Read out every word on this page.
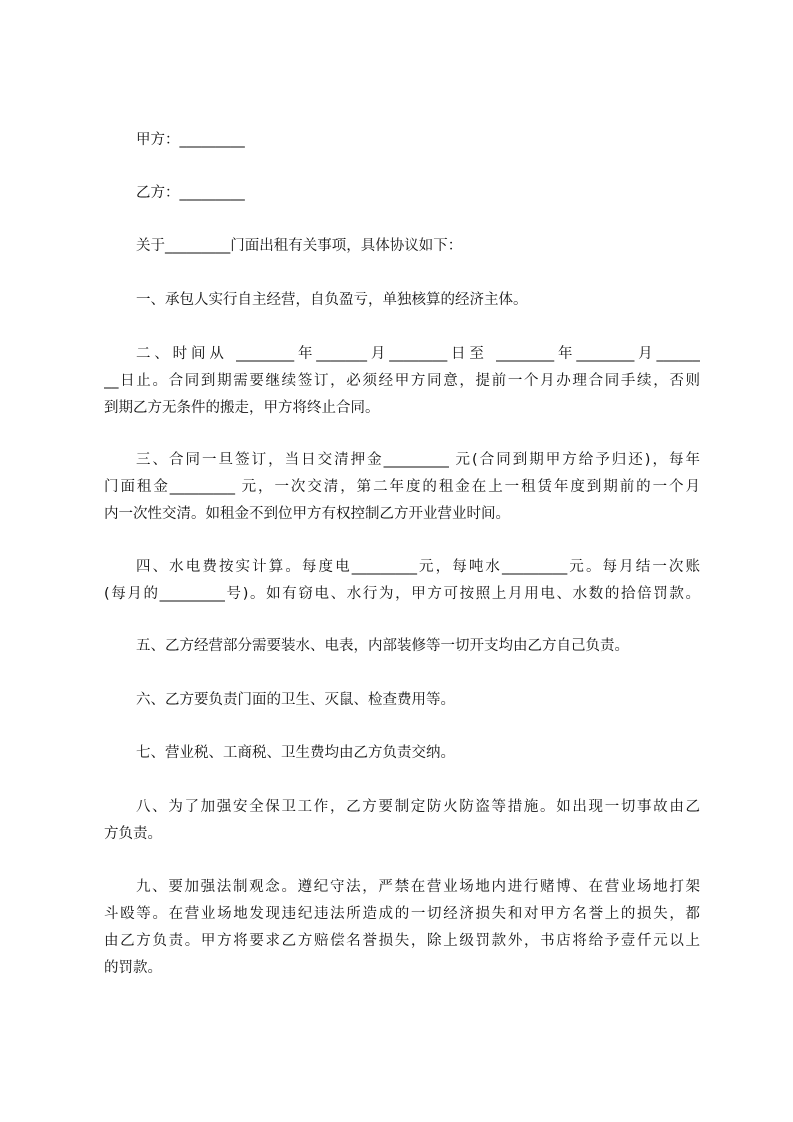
甲方：_________
乙方：_________
关于_________门面出租有关事项，具体协议如下：
一、承包人实行自主经营，自负盈亏，单独核算的经济主体。
二、时间从 ________年_______月________日至 ________年________月______
__日止。合同到期需要继续签订，必须经甲方同意，提前一个月办理合同手续，否则
到期乙方无条件的搬走，甲方将终止合同。
三、合同一旦签订，当日交清押金_________ 元(合同到期甲方给予归还)，每年
门面租金_________ 元，一次交清，第二年度的租金在上一租赁年度到期前的一个月
内一次性交清。如租金不到位甲方有权控制乙方开业营业时间。
四、水电费按实计算。每度电_________元，每吨水_________元。每月结一次账
(每月的_________号)。如有窃电、水行为，甲方可按照上月用电、水数的拾倍罚款。
五、乙方经营部分需要装水、电表，内部装修等一切开支均由乙方自己负责。
六、乙方要负责门面的卫生、灭鼠、检查费用等。
七、营业税、工商税、卫生费均由乙方负责交纳。
八、为了加强安全保卫工作，乙方要制定防火防盗等措施。如出现一切事故由乙
方负责。
九、要加强法制观念。遵纪守法，严禁在营业场地内进行赌博、在营业场地打架
斗殴等。在营业场地发现违纪违法所造成的一切经济损失和对甲方名誉上的损失，都
由乙方负责。甲方将要求乙方赔偿名誉损失，除上级罚款外，书店将给予壹仟元以上
的罚款。
